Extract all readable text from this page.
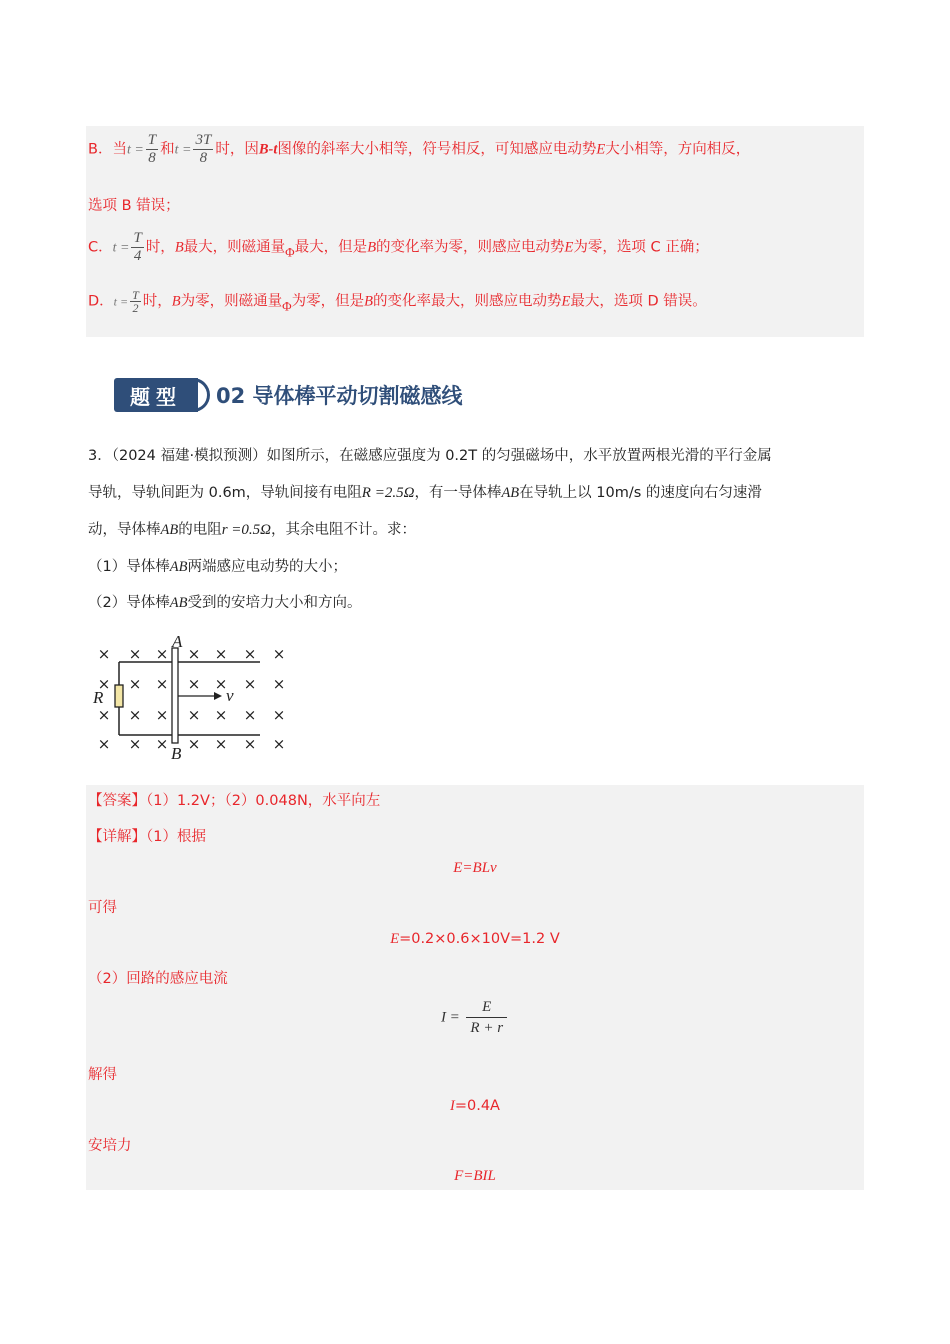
B．当$t = \frac{T}{8}$ 和$t = \frac{3T}{8}$ 时，因B-t图像的斜率大小相等，符号相反，可知感应电动势E大小相等，方向相反，
选项 B 错误；
C．$t = \frac{T}{4}$ 时，B最大，则磁通量Φ最大，但是B的变化率为零，则感应电动势E为零，选项 C 正确；
D．$t = \frac{T}{2}$ 时，B为零，则磁通量Φ为零，但是B的变化率最大，则感应电动势E最大，选项 D 错误。
题型 02 导体棒平动切割磁感线
3．（2024 福建·模拟预测）如图所示，在磁感应强度为 0.2T 的匀强磁场中，水平放置两根光滑的平行金属
导轨，导轨间距为 0.6m，导轨间接有电阻R =2.5Ω，有一导体棒AB在导轨上以 10m/s 的速度向右匀速滑
动，导体棒AB的电阻r =0.5Ω，其余电阻不计。求：
（1）导体棒AB两端感应电动势的大小；
（2）导体棒AB受到的安培力大小和方向。
× × × × × × ×
× × × × × × ×
× × × × × × ×
× × × × × × ×
A
B
R	v
【答案】（1）1.2V；（2）0.048N，水平向左
【详解】（1）根据
E=BLv
可得
E=0.2×0.6×10V=1.2 V
（2）回路的感应电流
$I = \frac{E}{R + r}$
解得
I=0.4A
安培力
F=BIL
